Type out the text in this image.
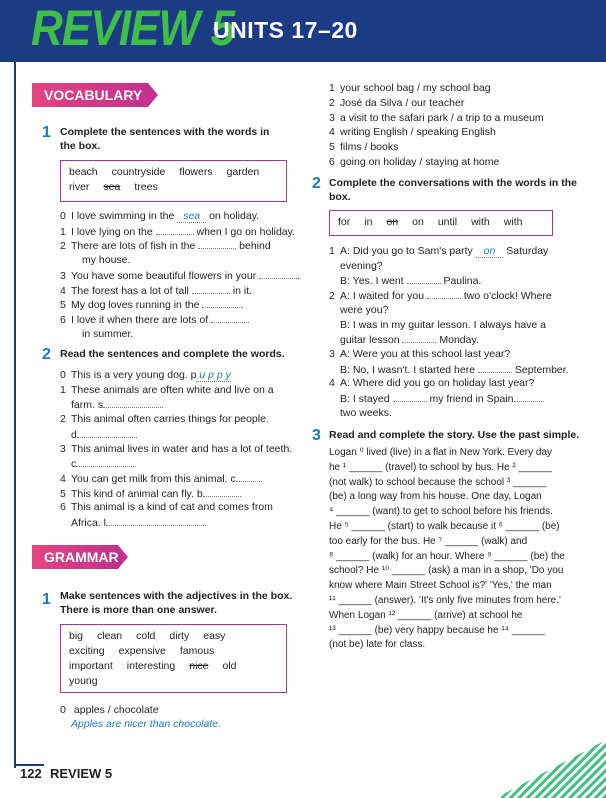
REVIEW 5
UNITS 17–20
VOCABULARY
1 Complete the sentences with the words in
the box.
beach countryside flowers garden
river sea trees
0 I love swimming in the sea on holiday.
1 I love lying on the	when I go on holiday.
2 There are lots of fish in the	behind
my house.
3 You have some beautiful flowers in your	.
4 The forest has a lot of tall	in it.
5 My dog loves running in the	.
6 I love it when there are lots of
in summer.
2 Read the sentences and complete the words.
0 This is a very young dog. p u p p y
1 These animals are often white and live on a
farm. s
2 This animal often carries things for people.
d
3 This animal lives in water and has a lot of teeth.
c
4 You can get milk from this animal. c
5 This kind of animal can fly. b
6 This animal is a kind of cat and comes from
Africa. l
GRAMMAR
1 Make sentences with the adjectives in the box.
There is more than one answer.
big clean cold dirty easy
exciting expensive famous
important interesting nice old
young
0 apples / chocolate
Apples are nicer than chocolate.
1 your school bag / my school bag
2 José da Silva / our teacher
3 a visit to the safari park / a trip to a museum
4 writing English / speaking English
5 films / books
6 going on holiday / staying at home
2 Complete the conversations with the words in the
box.
for in on on until with with
1 A: Did you go to Sam's party on Saturday
evening?
B: Yes. I went	Paulina.
2 A: I waited for you	two o'clock! Where
were you?
B: I was in my guitar lesson. I always have a
guitar lesson	Monday.
3 A: Were you at this school last year?
B: No, I wasn't. I started here	September.
4 A: Where did you go on holiday last year?
B: I stayed	my friend in Spain
two weeks.
3 Read and complete the story. Use the past simple.
Logan ⁰ lived (live) in a flat in New York. Every day
he ¹ ______ (travel) to school by bus. He ² ______
(not walk) to school because the school ³ ______
(be) a long way from his house. One day, Logan
⁴ ______ (want) to get to school before his friends.
He ⁵ ______ (start) to walk because it ⁶ ______ (be)
too early for the bus. He ⁷ ______ (walk) and
⁸ ______ (walk) for an hour. Where ⁹ ______ (be) the
school? He ¹⁰ ______ (ask) a man in a shop, 'Do you
know where Main Street School is?' 'Yes,' the man
¹¹ ______ (answer). 'It's only five minutes from here.'
When Logan ¹² ______ (arrive) at school he
¹³ ______ (be) very happy because he ¹⁴ ______
(not be) late for class.
122 REVIEW 5
